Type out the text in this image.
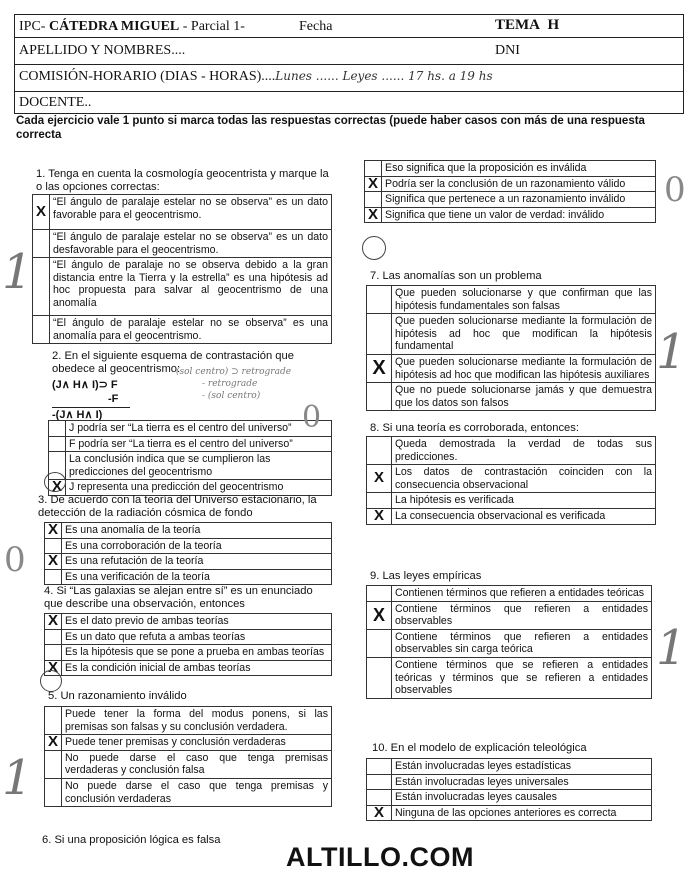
IPC- CÁTEDRA MIGUEL - Parcial 1-	Fecha	TEMA H
APELLIDO Y NOMBRES....	DNI
COMISIÓN-HORARIO (DIAS - HORAS)....Lunes ...... Leyes ...... 17 hs. a 19 hs
DOCENTE..
Cada ejercicio vale 1 punto si marca todas las respuestas correctas (puede haber casos con más de una respuesta correcta
1. Tenga en cuenta la cosmología geocentrista y marque la o las opciones correctas:
X	“El ángulo de paralaje estelar no se observa” es un dato favorable para el geocentrismo.
	“El ángulo de paralaje estelar no se observa” es un dato desfavorable para el geocentrismo.
	“El ángulo de paralaje no se observa debido a la gran distancia entre la Tierra y la estrella” es una hipótesis ad hoc propuesta para salvar al geocentrismo de una anomalía
	“El ángulo de paralaje estelar no se observa” es una anomalía para el geocentrismo.
2. En el siguiente esquema de contrastación que obedece al geocentrismo:
(J∧ H∧ I)⊃ F
-F
-(J∧ H∧ I)
(sol centro) ⊃ retrograde
- retrograde
- (sol centro)
	J podría ser “La tierra es el centro del universo”
	F podría ser “La tierra es el centro del universo”
	La conclusión indica que se cumplieron las predicciones del geocentrismo
X	J representa una predicción del geocentrismo
3. De acuerdo con la teoría del Universo estacionario, la detección de la radiación cósmica de fondo
X	Es una anomalía de la teoría
	Es una corroboración de la teoría
X	Es una refutación de la teoría
	Es una verificación de la teoría
4. Si “Las galaxias se alejan entre sí” es un enunciado que describe una observación, entonces
X	Es el dato previo de ambas teorías
	Es un dato que refuta a ambas teorías
	Es la hipótesis que se pone a prueba en ambas teorías
X	Es la condición inicial de ambas teorías
5. Un razonamiento inválido
	Puede tener la forma del modus ponens, si las premisas son falsas y su conclusión verdadera.
X	Puede tener premisas y conclusión verdaderas
	No puede darse el caso que tenga premisas verdaderas y conclusión falsa
	No puede darse el caso que tenga premisas y conclusión verdaderas
6. Si una proposición lógica es falsa
	Eso significa que la proposición es inválida
X	Podría ser la conclusión de un razonamiento válido
	Significa que pertenece a un razonamiento inválido
X	Significa que tiene un valor de verdad: inválido
7. Las anomalías son un problema
	Que pueden solucionarse y que confirman que las hipótesis fundamentales son falsas
	Que pueden solucionarse mediante la formulación de hipótesis ad hoc que modifican la hipótesis fundamental
X	Que pueden solucionarse mediante la formulación de hipótesis ad hoc que modifican las hipótesis auxiliares
	Que no puede solucionarse jamás y que demuestra que los datos son falsos
8. Si una teoría es corroborada, entonces:
	Queda demostrada la verdad de todas sus predicciones.
X	Los datos de contrastación coinciden con la consecuencia observacional
	La hipótesis es verificada
X	La consecuencia observacional es verificada
9. Las leyes empíricas
	Contienen términos que refieren a entidades teóricas
X	Contiene términos que refieren a entidades observables
	Contiene términos que refieren a entidades observables sin carga teórica
	Contiene términos que se refieren a entidades teóricas y términos que se refieren a entidades observables
10. En el modelo de explicación teleológica
	Están involucradas leyes estadísticas
	Están involucradas leyes universales
	Están involucradas leyes causales
X	Ninguna de las opciones anteriores es correcta
1
0
1
0
1
1
0
ALTILLO.COM
